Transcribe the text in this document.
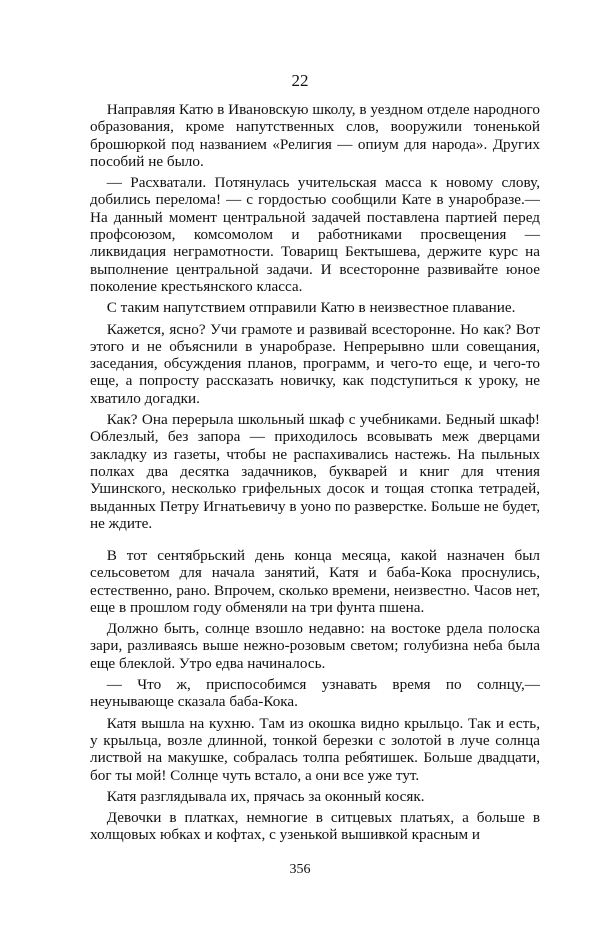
22

Направляя Катю в Ивановскую школу, в уездном отделе народного образования, кроме напутственных слов, вооружили тоненькой брошюркой под названием «Религия — опиум для народа». Других пособий не было.

— Расхватали. Потянулась учительская масса к новому слову, добились перелома! — с гордостью сообщили Кате в унаробразе.— На данный момент центральной задачей поставлена партией перед профсоюзом, комсомолом и работниками просвещения — ликвидация неграмотности. Товарищ Бектышева, держите курс на выполнение центральной задачи. И всесторонне развивайте юное поколение крестьянского класса.

С таким напутствием отправили Катю в неизвестное плавание.

Кажется, ясно? Учи грамоте и развивай всесторонне. Но как? Вот этого и не объяснили в унаробразе. Непрерывно шли совещания, заседания, обсуждения планов, программ, и чего-то еще, и чего-то еще, а попросту рассказать новичку, как подступиться к уроку, не хватило догадки.

Как? Она перерыла школьный шкаф с учебниками. Бедный шкаф! Облезлый, без запора — приходилось всовывать меж дверцами закладку из газеты, чтобы не распахивались настежь. На пыльных полках два десятка задачников, букварей и книг для чтения Ушинского, несколько грифельных досок и тощая стопка тетрадей, выданных Петру Игнатьевичу в уоно по разверстке. Больше не будет, не ждите.

В тот сентябрьский день конца месяца, какой назначен был сельсоветом для начала занятий, Катя и баба-Кока проснулись, естественно, рано. Впрочем, сколько времени, неизвестно. Часов нет, еще в прошлом году обменяли на три фунта пшена.

Должно быть, солнце взошло недавно: на востоке рдела полоска зари, разливаясь выше нежно-розовым светом; голубизна неба была еще блеклой. Утро едва начиналось.

— Что ж, приспособимся узнавать время по солнцу,— неунывающе сказала баба-Кока.

Катя вышла на кухню. Там из окошка видно крыльцо. Так и есть, у крыльца, возле длинной, тонкой березки с золотой в луче солнца листвой на макушке, собралась толпа ребятишек. Больше двадцати, бог ты мой! Солнце чуть встало, а они все уже тут.

Катя разглядывала их, прячась за оконный косяк.

Девочки в платках, немногие в ситцевых платьях, а больше в холщовых юбках и кофтах, с узенькой вышивкой красным и

356
